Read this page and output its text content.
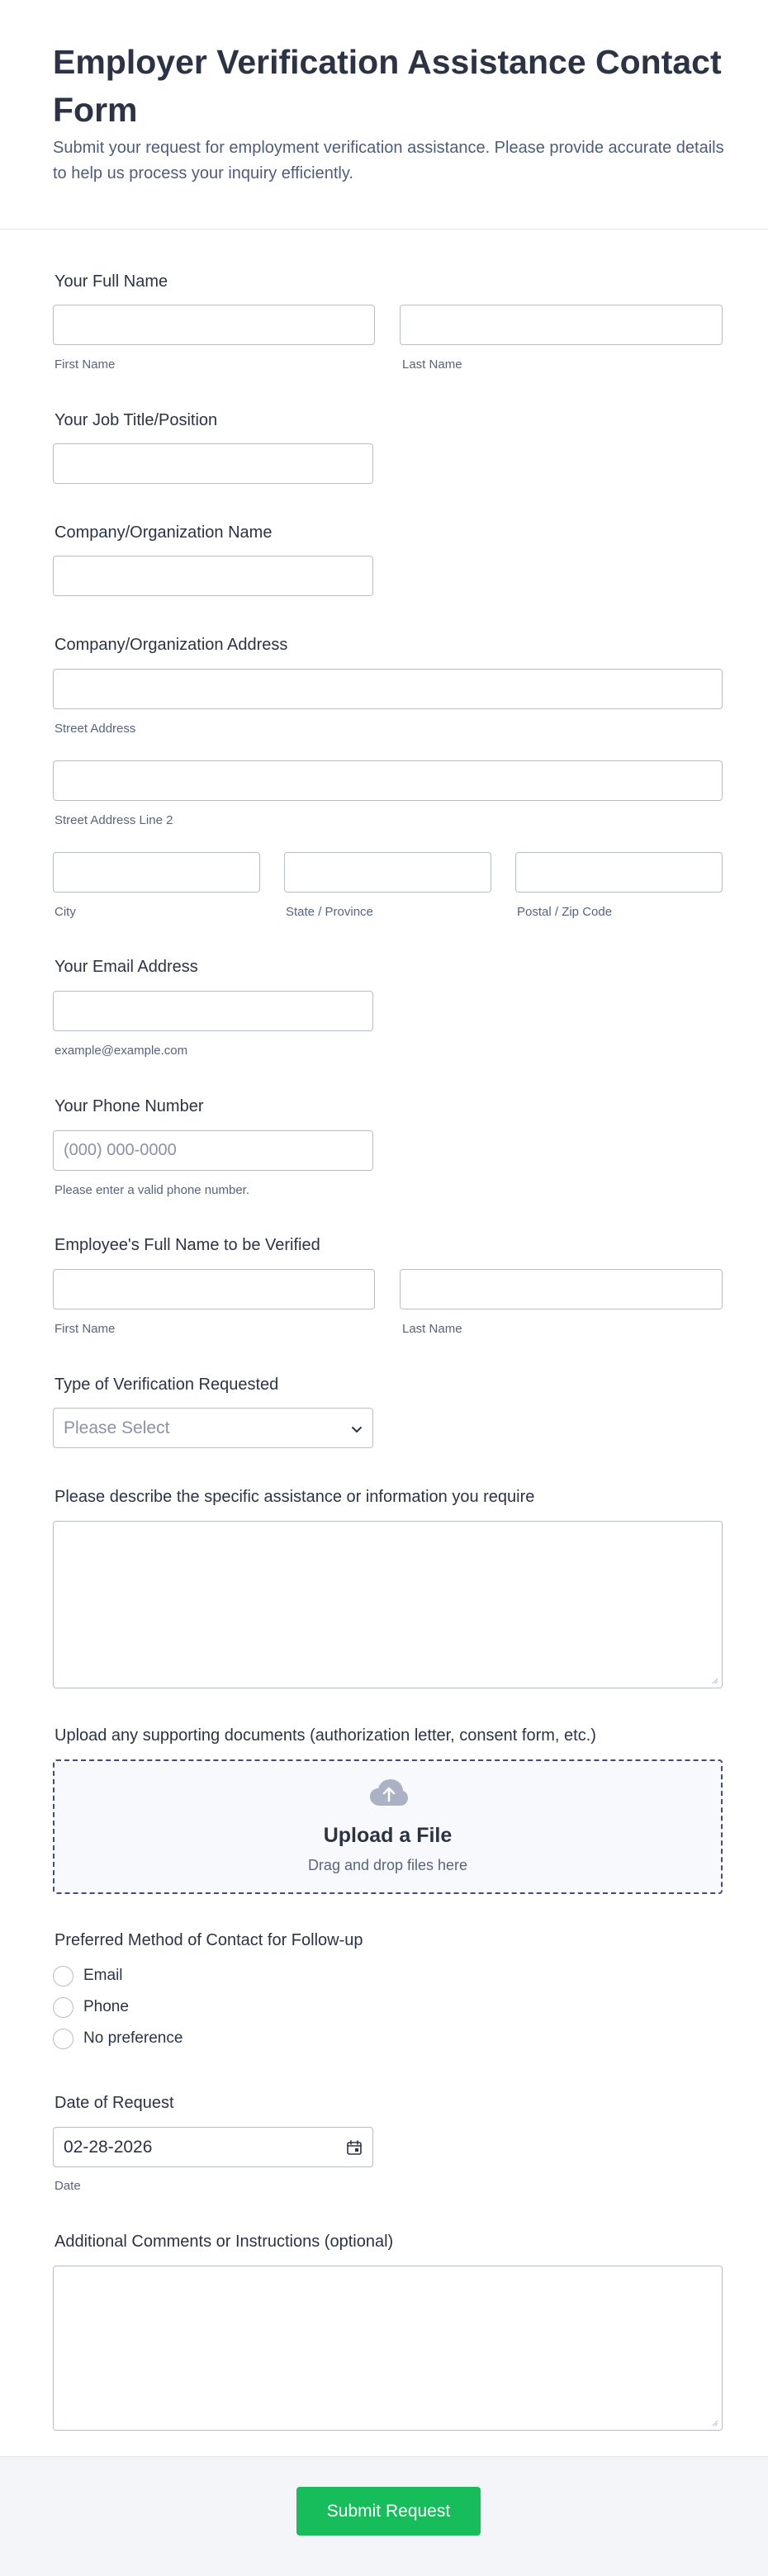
Employer Verification Assistance Contact Form

Submit your request for employment verification assistance. Please provide accurate details to help us process your inquiry efficiently.

Your Full Name
First Name	Last Name
Your Job Title/Position
Company/Organization Name
Company/Organization Address
Street Address
Street Address Line 2
City	State / Province	Postal / Zip Code
Your Email Address
example@example.com
Your Phone Number
(000) 000-0000
Please enter a valid phone number.
Employee's Full Name to be Verified
First Name	Last Name
Type of Verification Requested
Please Select
Please describe the specific assistance or information you require
Upload any supporting documents (authorization letter, consent form, etc.)
Upload a File
Drag and drop files here
Preferred Method of Contact for Follow-up
Email
Phone
No preference
Date of Request
02-28-2026
Date
Additional Comments or Instructions (optional)
Submit Request
